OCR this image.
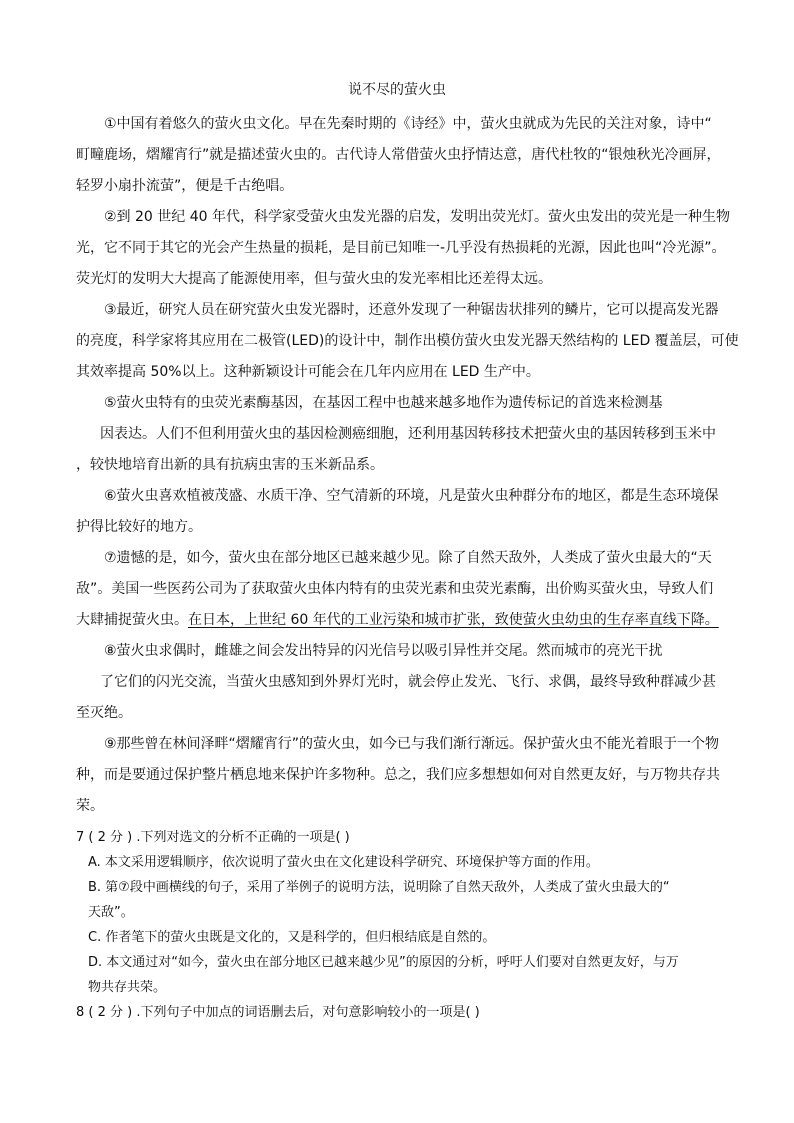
说不尽的萤火虫
①中国有着悠久的萤火虫文化。早在先秦时期的《诗经》中，萤火虫就成为先民的关注对象，诗中“
町疃鹿场，熠耀宵行”就是描述萤火虫的。古代诗人常借萤火虫抒情达意，唐代杜牧的“银烛秋光冷画屏，
轻罗小扇扑流萤”，便是千古绝唱。
②到 20 世纪 40 年代，科学家受萤火虫发光器的启发，发明出荧光灯。萤火虫发出的荧光是一种生物
光，它不同于其它的光会产生热量的损耗，是目前已知唯一-几乎没有热损耗的光源，因此也叫“冷光源”。
荧光灯的发明大大提高了能源使用率，但与萤火虫的发光率相比还差得太远。
③最近，研究人员在研究萤火虫发光器时，还意外发现了一种锯齿状排列的鳞片，它可以提高发光器
的亮度，科学家将其应用在二极管(LED)的设计中，制作出模仿萤火虫发光器天然结构的 LED 覆盖层，可使
其效率提高 50%以上。这种新颖设计可能会在几年内应用在 LED 生产中。
⑤萤火虫特有的虫荧光素酶基因，在基因工程中也越来越多地作为遗传标记的首选来检测基
因表达。人们不但利用萤火虫的基因检测癌细胞，还利用基因转移技术把萤火虫的基因转移到玉米中
，较快地培育出新的具有抗病虫害的玉米新品系。
⑥萤火虫喜欢植被茂盛、水质干净、空气清新的环境，凡是萤火虫种群分布的地区，都是生态环境保
护得比较好的地方。
⑦遗憾的是，如今，萤火虫在部分地区已越来越少见。除了自然天敌外，人类成了萤火虫最大的“天
敌”。美国一些医药公司为了获取萤火虫体内特有的虫荧光素和虫荧光素酶，出价购买萤火虫，导致人们
大肆捕捉萤火虫。在日本，上世纪 60 年代的工业污染和城市扩张，致使萤火虫幼虫的生存率直线下降。
⑧萤火虫求偶时，雌雄之间会发出特异的闪光信号以吸引异性并交尾。然而城市的亮光干扰
了它们的闪光交流，当萤火虫感知到外界灯光时，就会停止发光、飞行、求偶，最终导致种群减少甚
至灭绝。
⑨那些曾在林间泽畔“熠耀宵行”的萤火虫，如今已与我们渐行渐远。保护萤火虫不能光着眼于一个物
种，而是要通过保护整片栖息地来保护许多物种。总之，我们应多想想如何对自然更友好，与万物共存共
荣。
7 ( 2 分 ) .下列对选文的分析不正确的一项是( )
A. 本文采用逻辑顺序，依次说明了萤火虫在文化建设科学研究、环境保护等方面的作用。
B. 第⑦段中画横线的句子，采用了举例子的说明方法，说明除了自然天敌外，人类成了萤火虫最大的“
天敌”。
C. 作者笔下的萤火虫既是文化的，又是科学的，但归根结底是自然的。
D. 本文通过对“如今，萤火虫在部分地区已越来越少见”的原因的分析，呼吁人们要对自然更友好，与万
物共存共荣。
8 ( 2 分 ) .下列句子中加点的词语删去后，对句意影响较小的一项是( )
